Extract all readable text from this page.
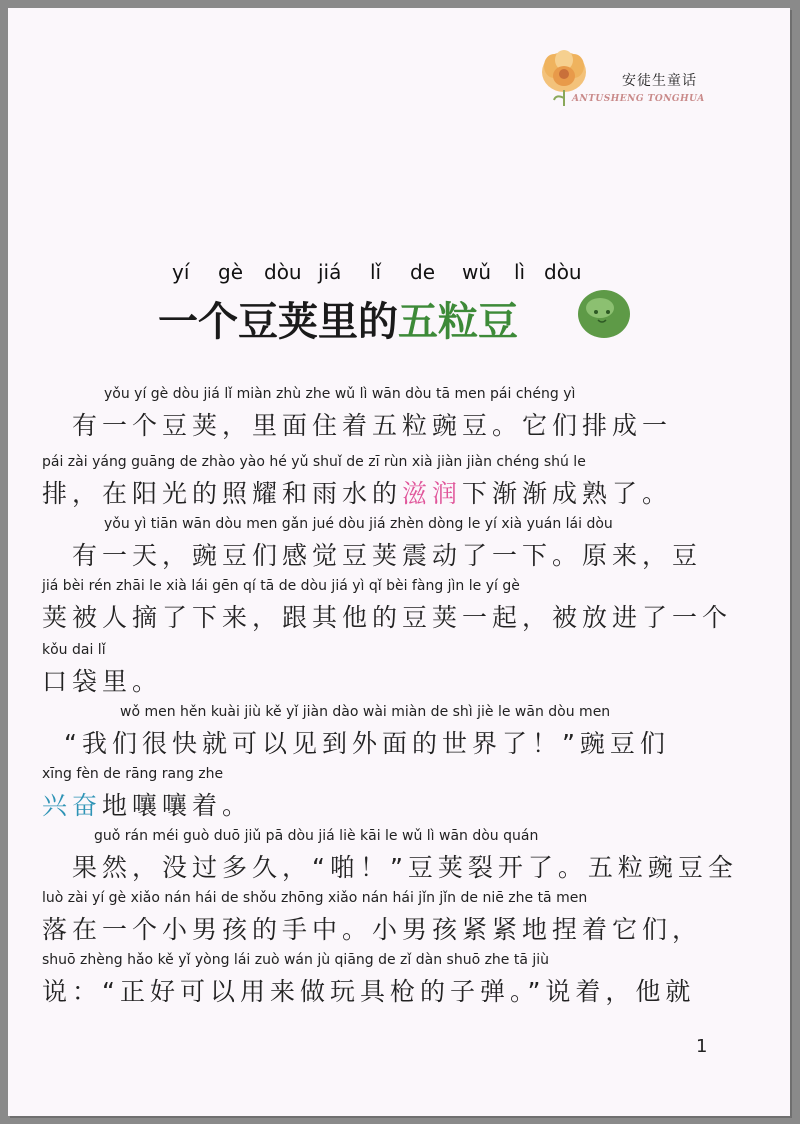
安徒生童话
ANTUSHENG TONGHUA
yí gè dòu jiá lǐ de wǔ lì dòu
一个豆荚里的五粒豆
yǒu yí gè dòu jiá lǐ miàn zhù zhe wǔ lì wān dòu tā men pái chéng yì
有一个豆荚，里面住着五粒豌豆。它们排成一
pái zài yáng guāng de zhào yào hé yǔ shuǐ de zī rùn xià jiàn jiàn chéng shú le
排，在阳光的照耀和雨水的滋润下渐渐成熟了。
yǒu yì tiān wān dòu men gǎn jué dòu jiá zhèn dòng le yí xià yuán lái dòu
有一天，豌豆们感觉豆荚震动了一下。原来，豆
jiá bèi rén zhāi le xià lái gēn qí tā de dòu jiá yì qǐ bèi fàng jìn le yí gè
荚被人摘了下来，跟其他的豆荚一起，被放进了一个
kǒu dai lǐ
口袋里。
wǒ men hěn kuài jiù kě yǐ jiàn dào wài miàn de shì jiè le wān dòu men
“我们很快就可以见到外面的世界了！”豌豆们
xīng fèn de rāng rang zhe
兴奋地嚷嚷着。
guǒ rán méi guò duō jiǔ pā dòu jiá liè kāi le wǔ lì wān dòu quán
果然，没过多久，“啪！”豆荚裂开了。五粒豌豆全
luò zài yí gè xiǎo nán hái de shǒu zhōng xiǎo nán hái jǐn jǐn de niē zhe tā men
落在一个小男孩的手中。小男孩紧紧地捏着它们，
shuō zhèng hǎo kě yǐ yòng lái zuò wán jù qiāng de zǐ dàn shuō zhe tā jiù
说：“正好可以用来做玩具枪的子弹。”说着，他就
1
